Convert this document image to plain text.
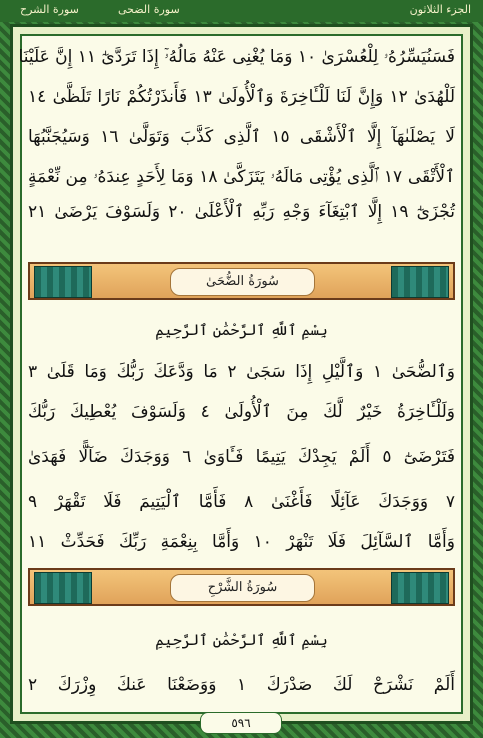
الجزء الثلاثون
سورة الضحى
سورة الشرح
فَسَنُيَسِّرُهُۥ لِلْعُسْرَىٰ ١٠ وَمَا يُغْنِى عَنْهُ مَالُهُۥٓ إِذَا تَرَدَّىٰٓ ١١ إِنَّ عَلَيْنَا
لَلْهُدَىٰ ١٢ وَإِنَّ لَنَا لَلْـَٔاخِرَةَ وَٱلْأُولَىٰ ١٣ فَأَنذَرْتُكُمْ نَارًا تَلَظَّىٰ ١٤
لَا يَصْلَىٰهَآ إِلَّا ٱلْأَشْقَى ١٥ ٱلَّذِى كَذَّبَ وَتَوَلَّىٰ ١٦ وَسَيُجَنَّبُهَا
ٱلْأَتْقَى ١٧ ٱلَّذِى يُؤْتِى مَالَهُۥ يَتَزَكَّىٰ ١٨ وَمَا لِأَحَدٍ عِندَهُۥ مِن نِّعْمَةٍ
تُجْزَىٰٓ ١٩ إِلَّا ٱبْتِغَآءَ وَجْهِ رَبِّهِ ٱلْأَعْلَىٰ ٢٠ وَلَسَوْفَ يَرْضَىٰ ٢١
سُورَةُ الضُّحَىٰ
بِسْمِ ٱللَّهِ ٱلرَّحْمَٰنِ ٱلرَّحِيمِ
وَٱلضُّحَىٰ ١ وَٱلَّيْلِ إِذَا سَجَىٰ ٢ مَا وَدَّعَكَ رَبُّكَ وَمَا قَلَىٰ ٣
وَلَلْـَٔاخِرَةُ خَيْرٌ لَّكَ مِنَ ٱلْأُولَىٰ ٤ وَلَسَوْفَ يُعْطِيكَ رَبُّكَ
فَتَرْضَىٰٓ ٥ أَلَمْ يَجِدْكَ يَتِيمًا فَـَٔاوَىٰ ٦ وَوَجَدَكَ ضَآلًّا فَهَدَىٰ
٧ وَوَجَدَكَ عَآئِلًا فَأَغْنَىٰ ٨ فَأَمَّا ٱلْيَتِيمَ فَلَا تَقْهَرْ ٩
وَأَمَّا ٱلسَّآئِلَ فَلَا تَنْهَرْ ١٠ وَأَمَّا بِنِعْمَةِ رَبِّكَ فَحَدِّثْ ١١
سُورَةُ الشَّرْحِ
بِسْمِ ٱللَّهِ ٱلرَّحْمَٰنِ ٱلرَّحِيمِ
أَلَمْ نَشْرَحْ لَكَ صَدْرَكَ ١ وَوَضَعْنَا عَنكَ وِزْرَكَ ٢
٥٩٦
